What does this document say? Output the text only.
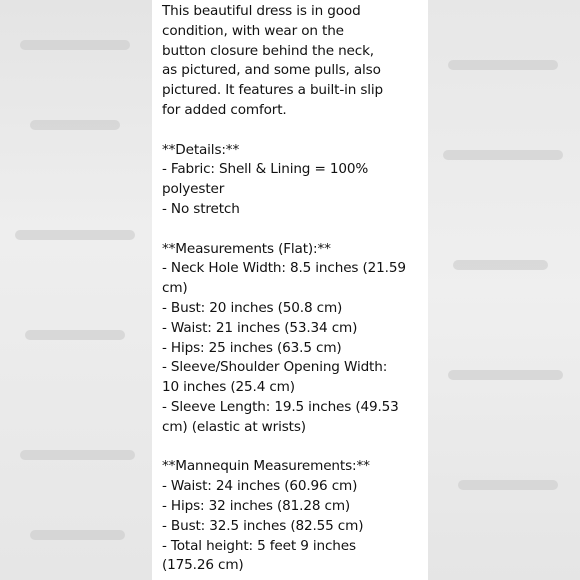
This beautiful dress is in good
condition, with wear on the
button closure behind the neck,
as pictured, and some pulls, also
pictured. It features a built-in slip
for added comfort.
**Details:**
- Fabric: Shell & Lining = 100%
polyester
- No stretch
**Measurements (Flat):**
- Neck Hole Width: 8.5 inches (21.59
cm)
- Bust: 20 inches (50.8 cm)
- Waist: 21 inches (53.34 cm)
- Hips: 25 inches (63.5 cm)
- Sleeve/Shoulder Opening Width:
10 inches (25.4 cm)
- Sleeve Length: 19.5 inches (49.53
cm) (elastic at wrists)
**Mannequin Measurements:**
- Waist: 24 inches (60.96 cm)
- Hips: 32 inches (81.28 cm)
- Bust: 32.5 inches (82.55 cm)
- Total height: 5 feet 9 inches
(175.26 cm)
